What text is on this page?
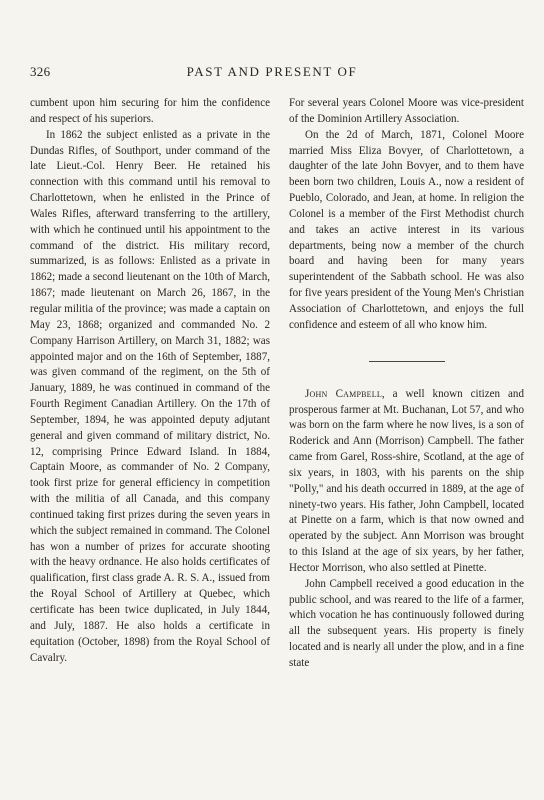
326	PAST AND PRESENT OF

cumbent upon him securing for him the confidence and respect of his superiors.

In 1862 the subject enlisted as a private in the Dundas Rifles, of Southport, under command of the late Lieut.-Col. Henry Beer. He retained his connection with this command until his removal to Charlottetown, when he enlisted in the Prince of Wales Rifles, afterward transferring to the artillery, with which he continued until his appointment to the command of the district. His military record, summarized, is as follows: Enlisted as a private in 1862; made a second lieutenant on the 10th of March, 1867; made lieutenant on March 26, 1867, in the regular militia of the province; was made a captain on May 23, 1868; organized and commanded No. 2 Company Harrison Artillery, on March 31, 1882; was appointed major and on the 16th of September, 1887, was given command of the regiment, on the 5th of January, 1889, he was continued in command of the Fourth Regiment Canadian Artillery. On the 17th of September, 1894, he was appointed deputy adjutant general and given command of military district, No. 12, comprising Prince Edward Island. In 1884, Captain Moore, as commander of No. 2 Company, took first prize for general efficiency in competition with the militia of all Canada, and this company continued taking first prizes during the seven years in which the subject remained in command. The Colonel has won a number of prizes for accurate shooting with the heavy ordnance. He also holds certificates of qualification, first class grade A. R. S. A., issued from the Royal School of Artillery at Quebec, which certificate has been twice duplicated, in July 1844, and July, 1887. He also holds a certificate in equitation (October, 1898) from the Royal School of Cavalry.

For several years Colonel Moore was vice-president of the Dominion Artillery Association.

On the 2d of March, 1871, Colonel Moore married Miss Eliza Bovyer, of Charlottetown, a daughter of the late John Bovyer, and to them have been born two children, Louis A., now a resident of Pueblo, Colorado, and Jean, at home. In religion the Colonel is a member of the First Methodist church and takes an active interest in its various departments, being now a member of the church board and having been for many years superintendent of the Sabbath school. He was also for five years president of the Young Men's Christian Association of Charlottetown, and enjoys the full confidence and esteem of all who know him.

John Campbell, a well known citizen and prosperous farmer at Mt. Buchanan, Lot 57, and who was born on the farm where he now lives, is a son of Roderick and Ann (Morrison) Campbell. The father came from Garel, Ross-shire, Scotland, at the age of six years, in 1803, with his parents on the ship "Polly," and his death occurred in 1889, at the age of ninety-two years. His father, John Campbell, located at Pinette on a farm, which is that now owned and operated by the subject. Ann Morrison was brought to this Island at the age of six years, by her father, Hector Morrison, who also settled at Pinette.

John Campbell received a good education in the public school, and was reared to the life of a farmer, which vocation he has continuously followed during all the subsequent years. His property is finely located and is nearly all under the plow, and in a fine state
